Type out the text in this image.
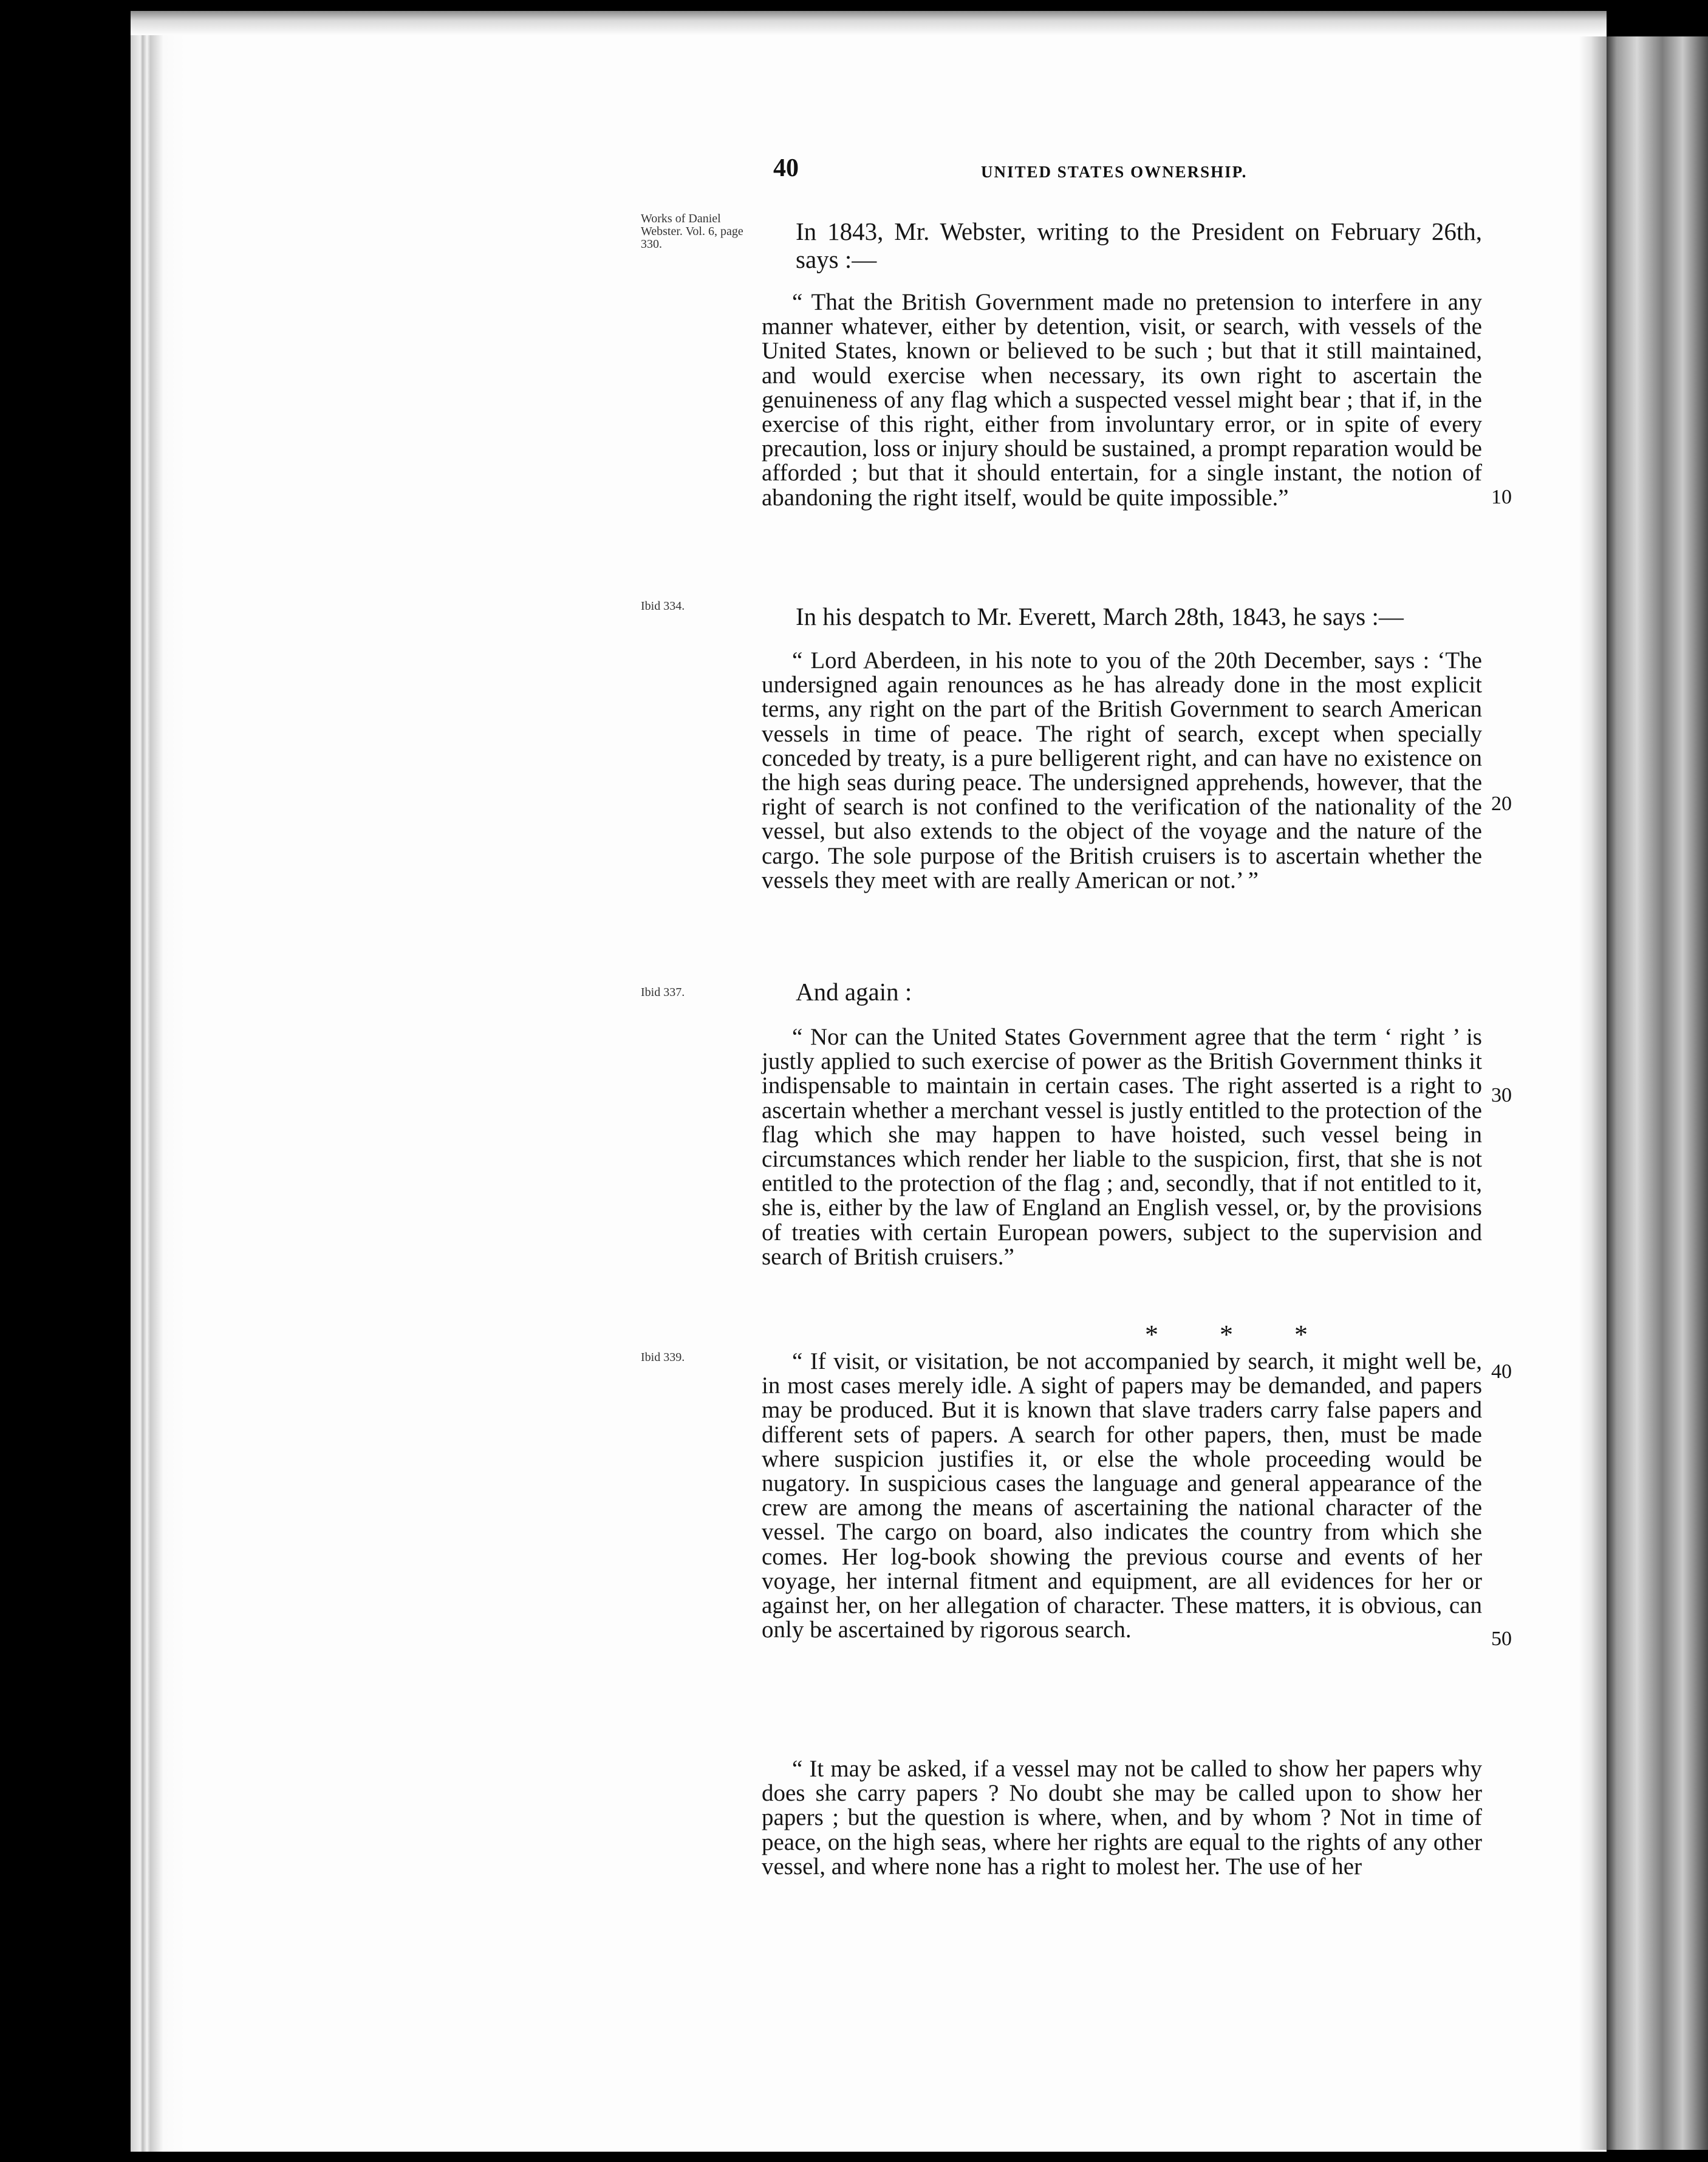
40	UNITED STATES OWNERSHIP.
Works of Daniel Webster. Vol. 6, page 330.
Ibid 334.
Ibid 337.
Ibid 339.
10
20
30
40
50
In 1843, Mr. Webster, writing to the President on February 26th, says :—
“ That the British Government made no pretension to interfere in any manner whatever, either by detention, visit, or search, with vessels of the United States, known or believed to be such ; but that it still maintained, and would exercise when necessary, its own right to ascertain the genuineness of any flag which a suspected vessel might bear ; that if, in the exercise of this right, either from involuntary error, or in spite of every precaution, loss or injury should be sustained, a prompt reparation would be afforded ; but that it should entertain, for a single instant, the notion of abandoning the right itself, would be quite impossible.”
In his despatch to Mr. Everett, March 28th, 1843, he says :—
“ Lord Aberdeen, in his note to you of the 20th December, says : ‘The undersigned again renounces as he has already done in the most explicit terms, any right on the part of the British Government to search American vessels in time of peace. The right of search, except when specially conceded by treaty, is a pure belligerent right, and can have no existence on the high seas during peace. The undersigned apprehends, however, that the right of search is not confined to the verification of the nationality of the vessel, but also extends to the object of the voyage and the nature of the cargo. The sole purpose of the British cruisers is to ascertain whether the vessels they meet with are really American or not.’ ”
And again :
“ Nor can the United States Government agree that the term ‘ right ’ is justly applied to such exercise of power as the British Government thinks it indispensable to maintain in certain cases. The right asserted is a right to ascertain whether a merchant vessel is justly entitled to the protection of the flag which she may happen to have hoisted, such vessel being in circumstances which render her liable to the suspicion, first, that she is not entitled to the protection of the flag ; and, secondly, that if not entitled to it, she is, either by the law of England an English vessel, or, by the provisions of treaties with certain European powers, subject to the supervision and search of British cruisers.”
* * *
“ If visit, or visitation, be not accompanied by search, it might well be, in most cases merely idle. A sight of papers may be demanded, and papers may be produced. But it is known that slave traders carry false papers and different sets of papers. A search for other papers, then, must be made where suspicion justifies it, or else the whole proceeding would be nugatory. In suspicious cases the language and general appearance of the crew are among the means of ascertaining the national character of the vessel. The cargo on board, also indicates the country from which she comes. Her log-book showing the previous course and events of her voyage, her internal fitment and equipment, are all evidences for her or against her, on her allegation of character. These matters, it is obvious, can only be ascertained by rigorous search.
“ It may be asked, if a vessel may not be called to show her papers why does she carry papers ? No doubt she may be called upon to show her papers ; but the question is where, when, and by whom ? Not in time of peace, on the high seas, where her rights are equal to the rights of any other vessel, and where none has a right to molest her. The use of her
